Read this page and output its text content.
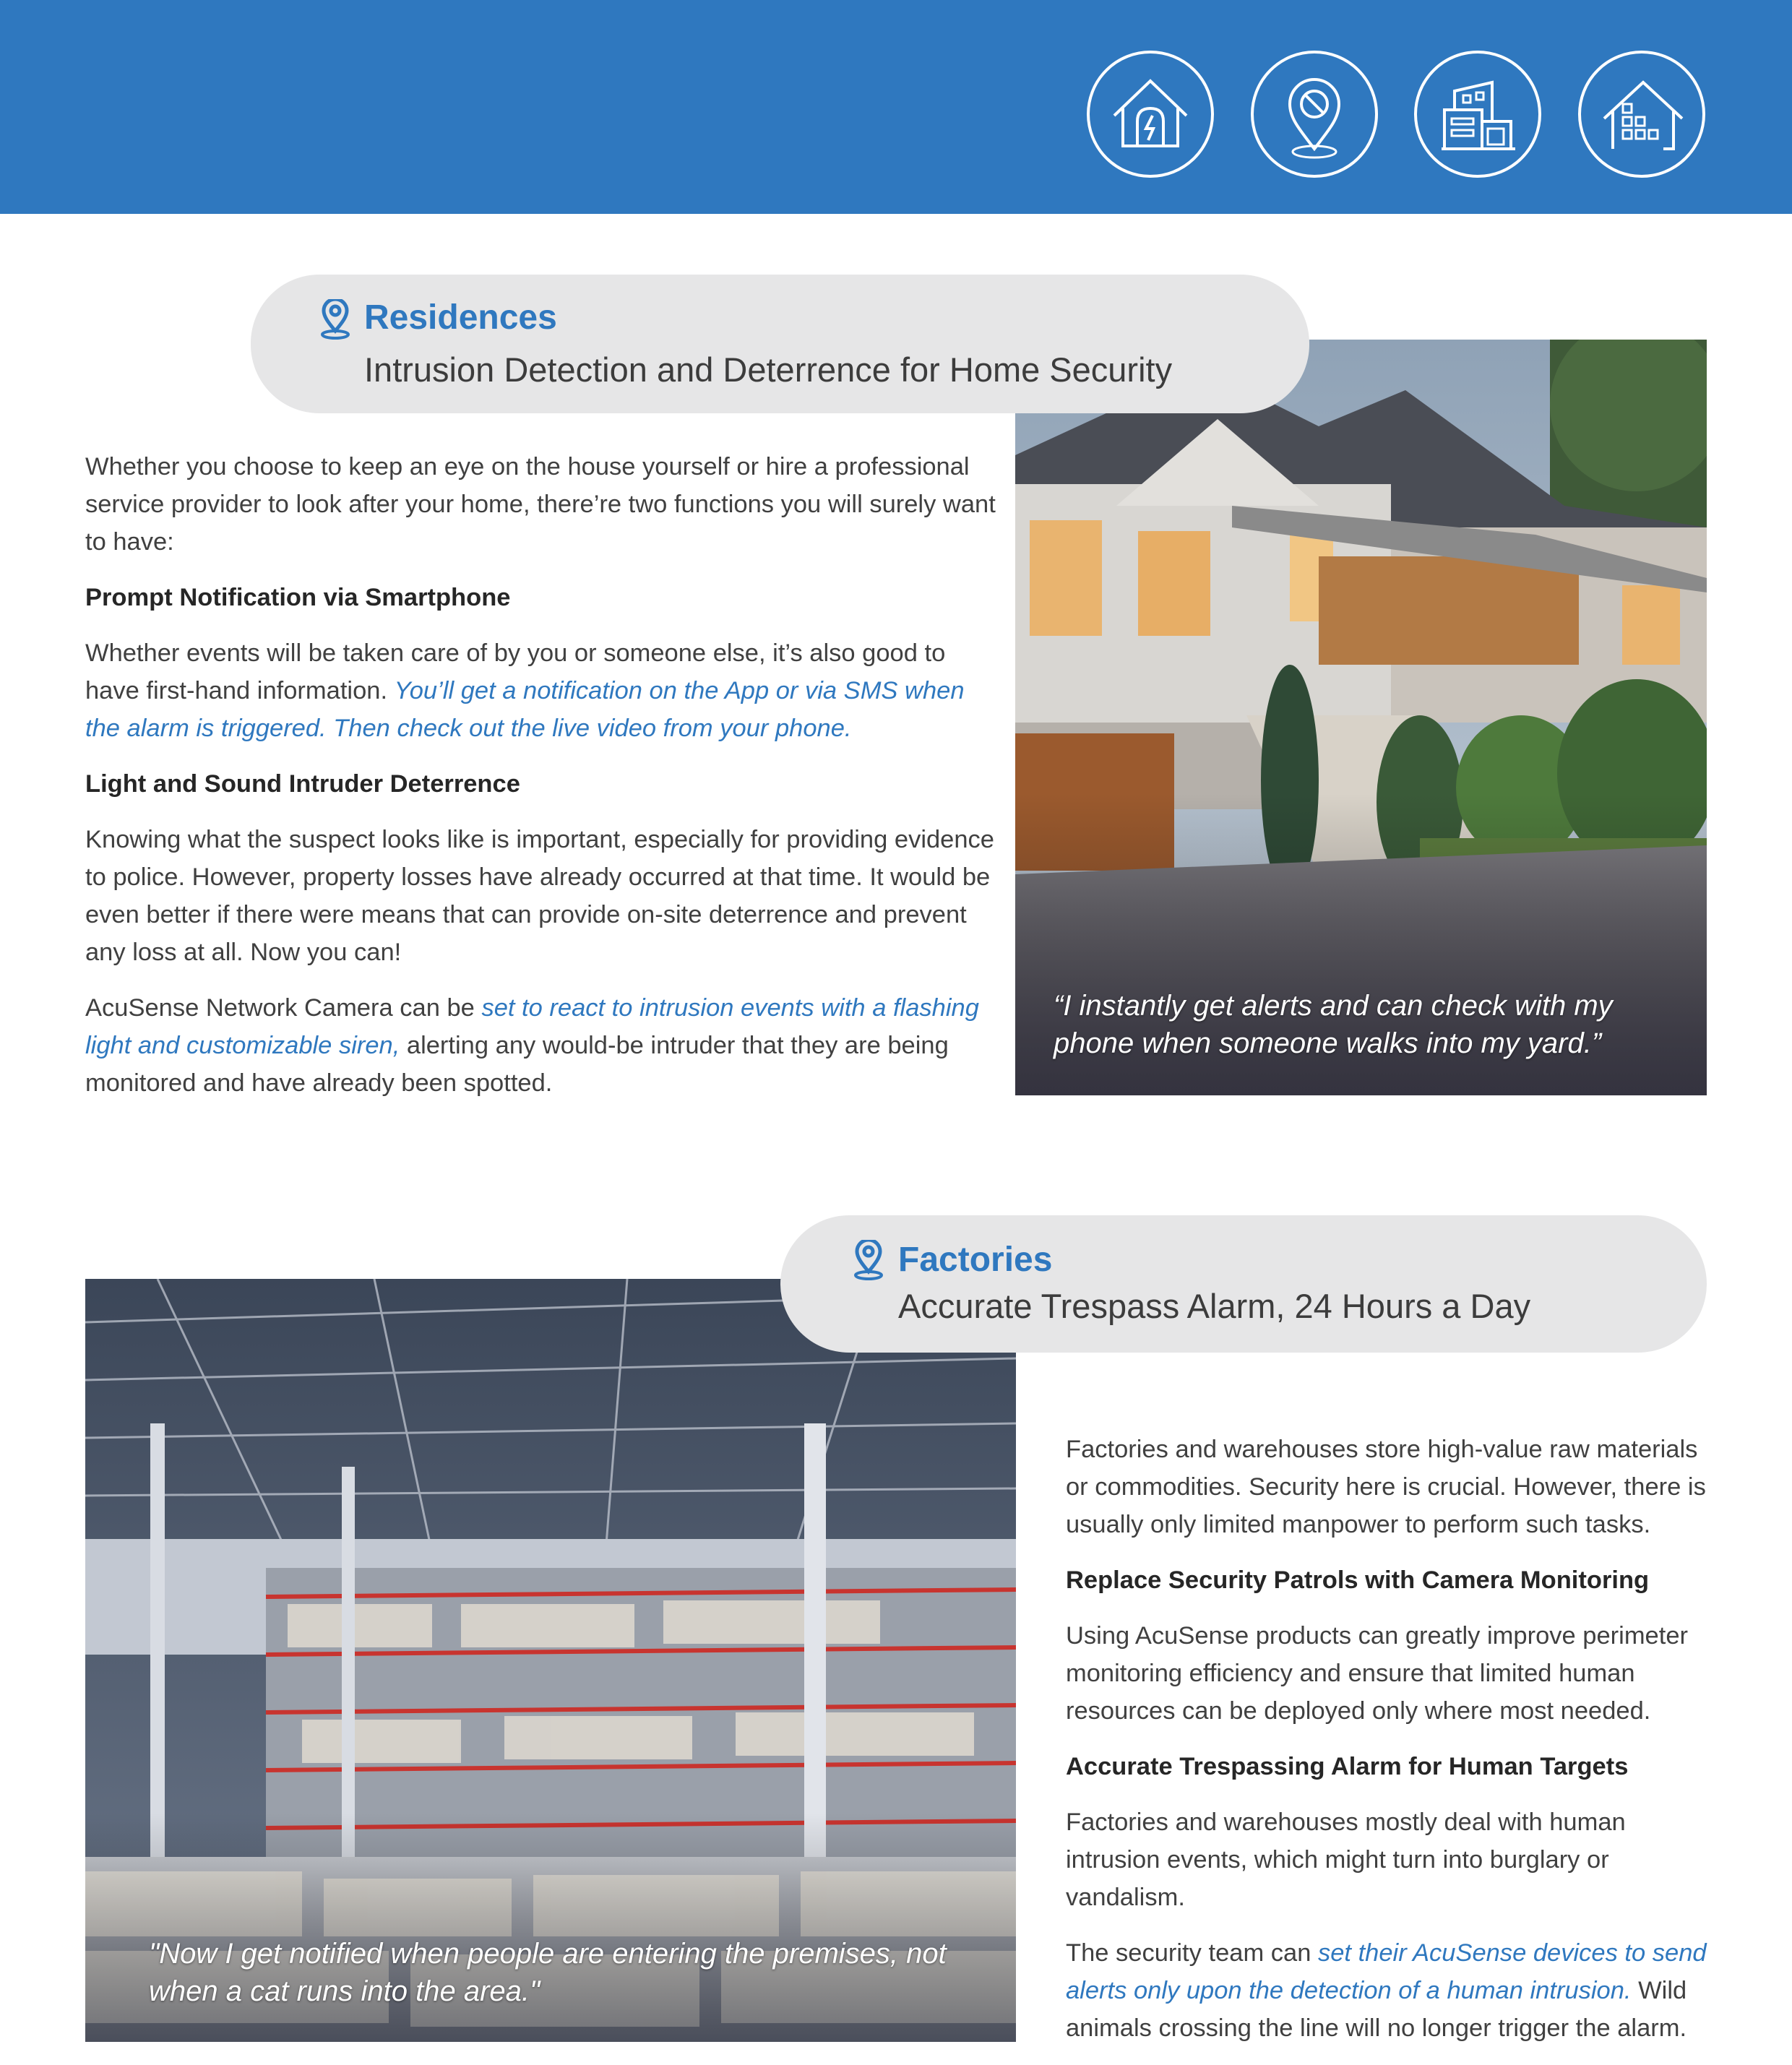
“I instantly get alerts and can check with my phone when someone walks into my yard.”
Residences
Intrusion Detection and Deterrence for Home Security

Whether you choose to keep an eye on the house yourself or hire a professional service provider to look after your home, there’re two functions you will surely want to have:

Prompt Notification via Smartphone

Whether events will be taken care of by you or someone else, it’s also good to have first-hand information. You’ll get a notification on the App or via SMS when the alarm is triggered. Then check out the live video from your phone.

Light and Sound Intruder Deterrence

Knowing what the suspect looks like is important, especially for providing evidence to police. However, property losses have already occurred at that time. It would be even better if there were means that can provide on-site deterrence and prevent any loss at all. Now you can!

AcuSense Network Camera can be set to react to intrusion events with a flashing light and customizable siren, alerting any would-be intruder that they are being monitored and have already been spotted.

"Now I get notified when people are entering the premises, not when a cat runs into the area."
Factories
Accurate Trespass Alarm, 24 Hours a Day

Factories and warehouses store high-value raw materials or commodities. Security here is crucial. However, there is usually only limited manpower to perform such tasks.

Replace Security Patrols with Camera Monitoring

Using AcuSense products can greatly improve perimeter monitoring efficiency and ensure that limited human resources can be deployed only where most needed.

Accurate Trespassing Alarm for Human Targets

Factories and warehouses mostly deal with human intrusion events, which might turn into burglary or vandalism.

The security team can set their AcuSense devices to send alerts only upon the detection of a human intrusion. Wild animals crossing the line will no longer trigger the alarm.
